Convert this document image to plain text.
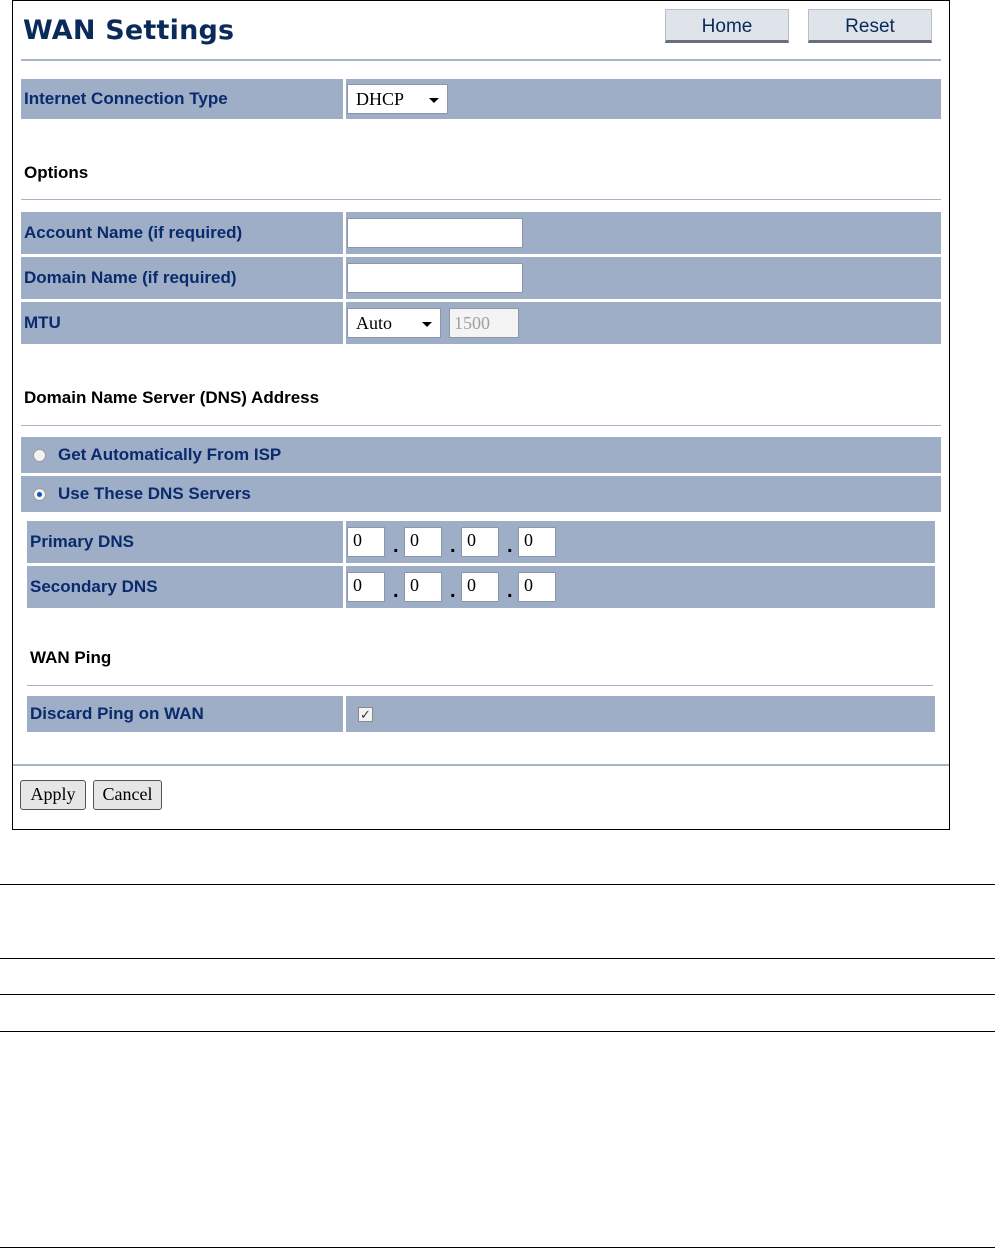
WAN Settings	Home	Reset
Internet Connection Type	DHCP
Options
Account Name (if required)
Domain Name (if required)
MTU	Auto	1500
Domain Name Server (DNS) Address
Get Automatically From ISP
Use These DNS Servers
Primary DNS	0	. 0	. 0	. 0
Secondary DNS	0	. 0	. 0	. 0
WAN Ping
Discard Ping on WAN	✓
Apply	Cancel
